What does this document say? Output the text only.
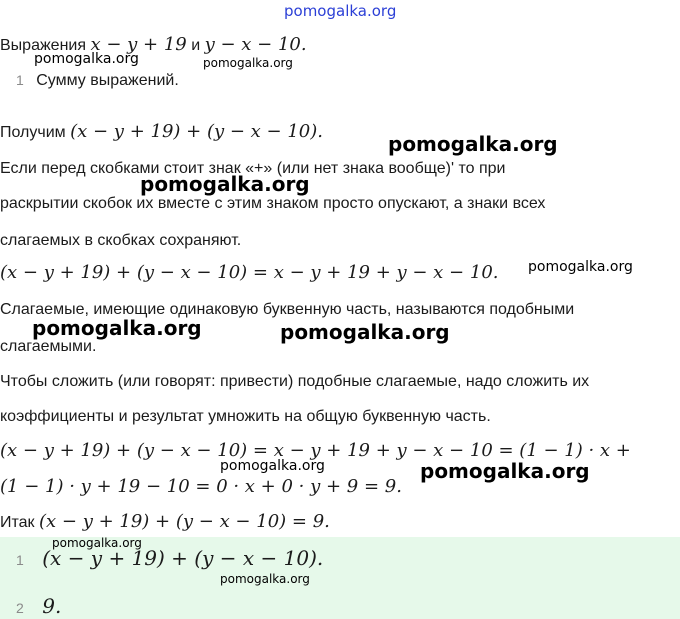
pomogalka.org
Выражения x − y + 19 и y − x − 10.
pomogalka.org	pomogalka.org
1 Сумму выражений.
Получим (x − y + 19) + (y − x − 10).
pomogalka.org
Если перед скобками стоит знак «+» (или нет знака вообще)' то при
pomogalka.org
раскрытии скобок их вместе с этим знаком просто опускают, а знаки всех
слагаемых в скобках сохраняют.
(x − y + 19) + (y − x − 10) = x − y + 19 + y − x − 10. pomogalka.org
Слагаемые, имеющие одинаковую буквенную часть, называются подобными
pomogalka.org	pomogalka.org
слагаемыми.
Чтобы сложить (или говорят: привести) подобные слагаемые, надо сложить их
коэффициенты и результат умножить на общую буквенную часть.
(x − y + 19) + (y − x − 10) = x − y + 19 + y − x − 10 = (1 − 1) · x +
pomogalka.org	pomogalka.org
(1 − 1) · y + 19 − 10 = 0 · x + 0 · y + 9 = 9.
Итак (x − y + 19) + (y − x − 10) = 9.
1 (x − y + 19) + (y − x − 10).
pomogalka.org
pomogalka.org
2 9.
